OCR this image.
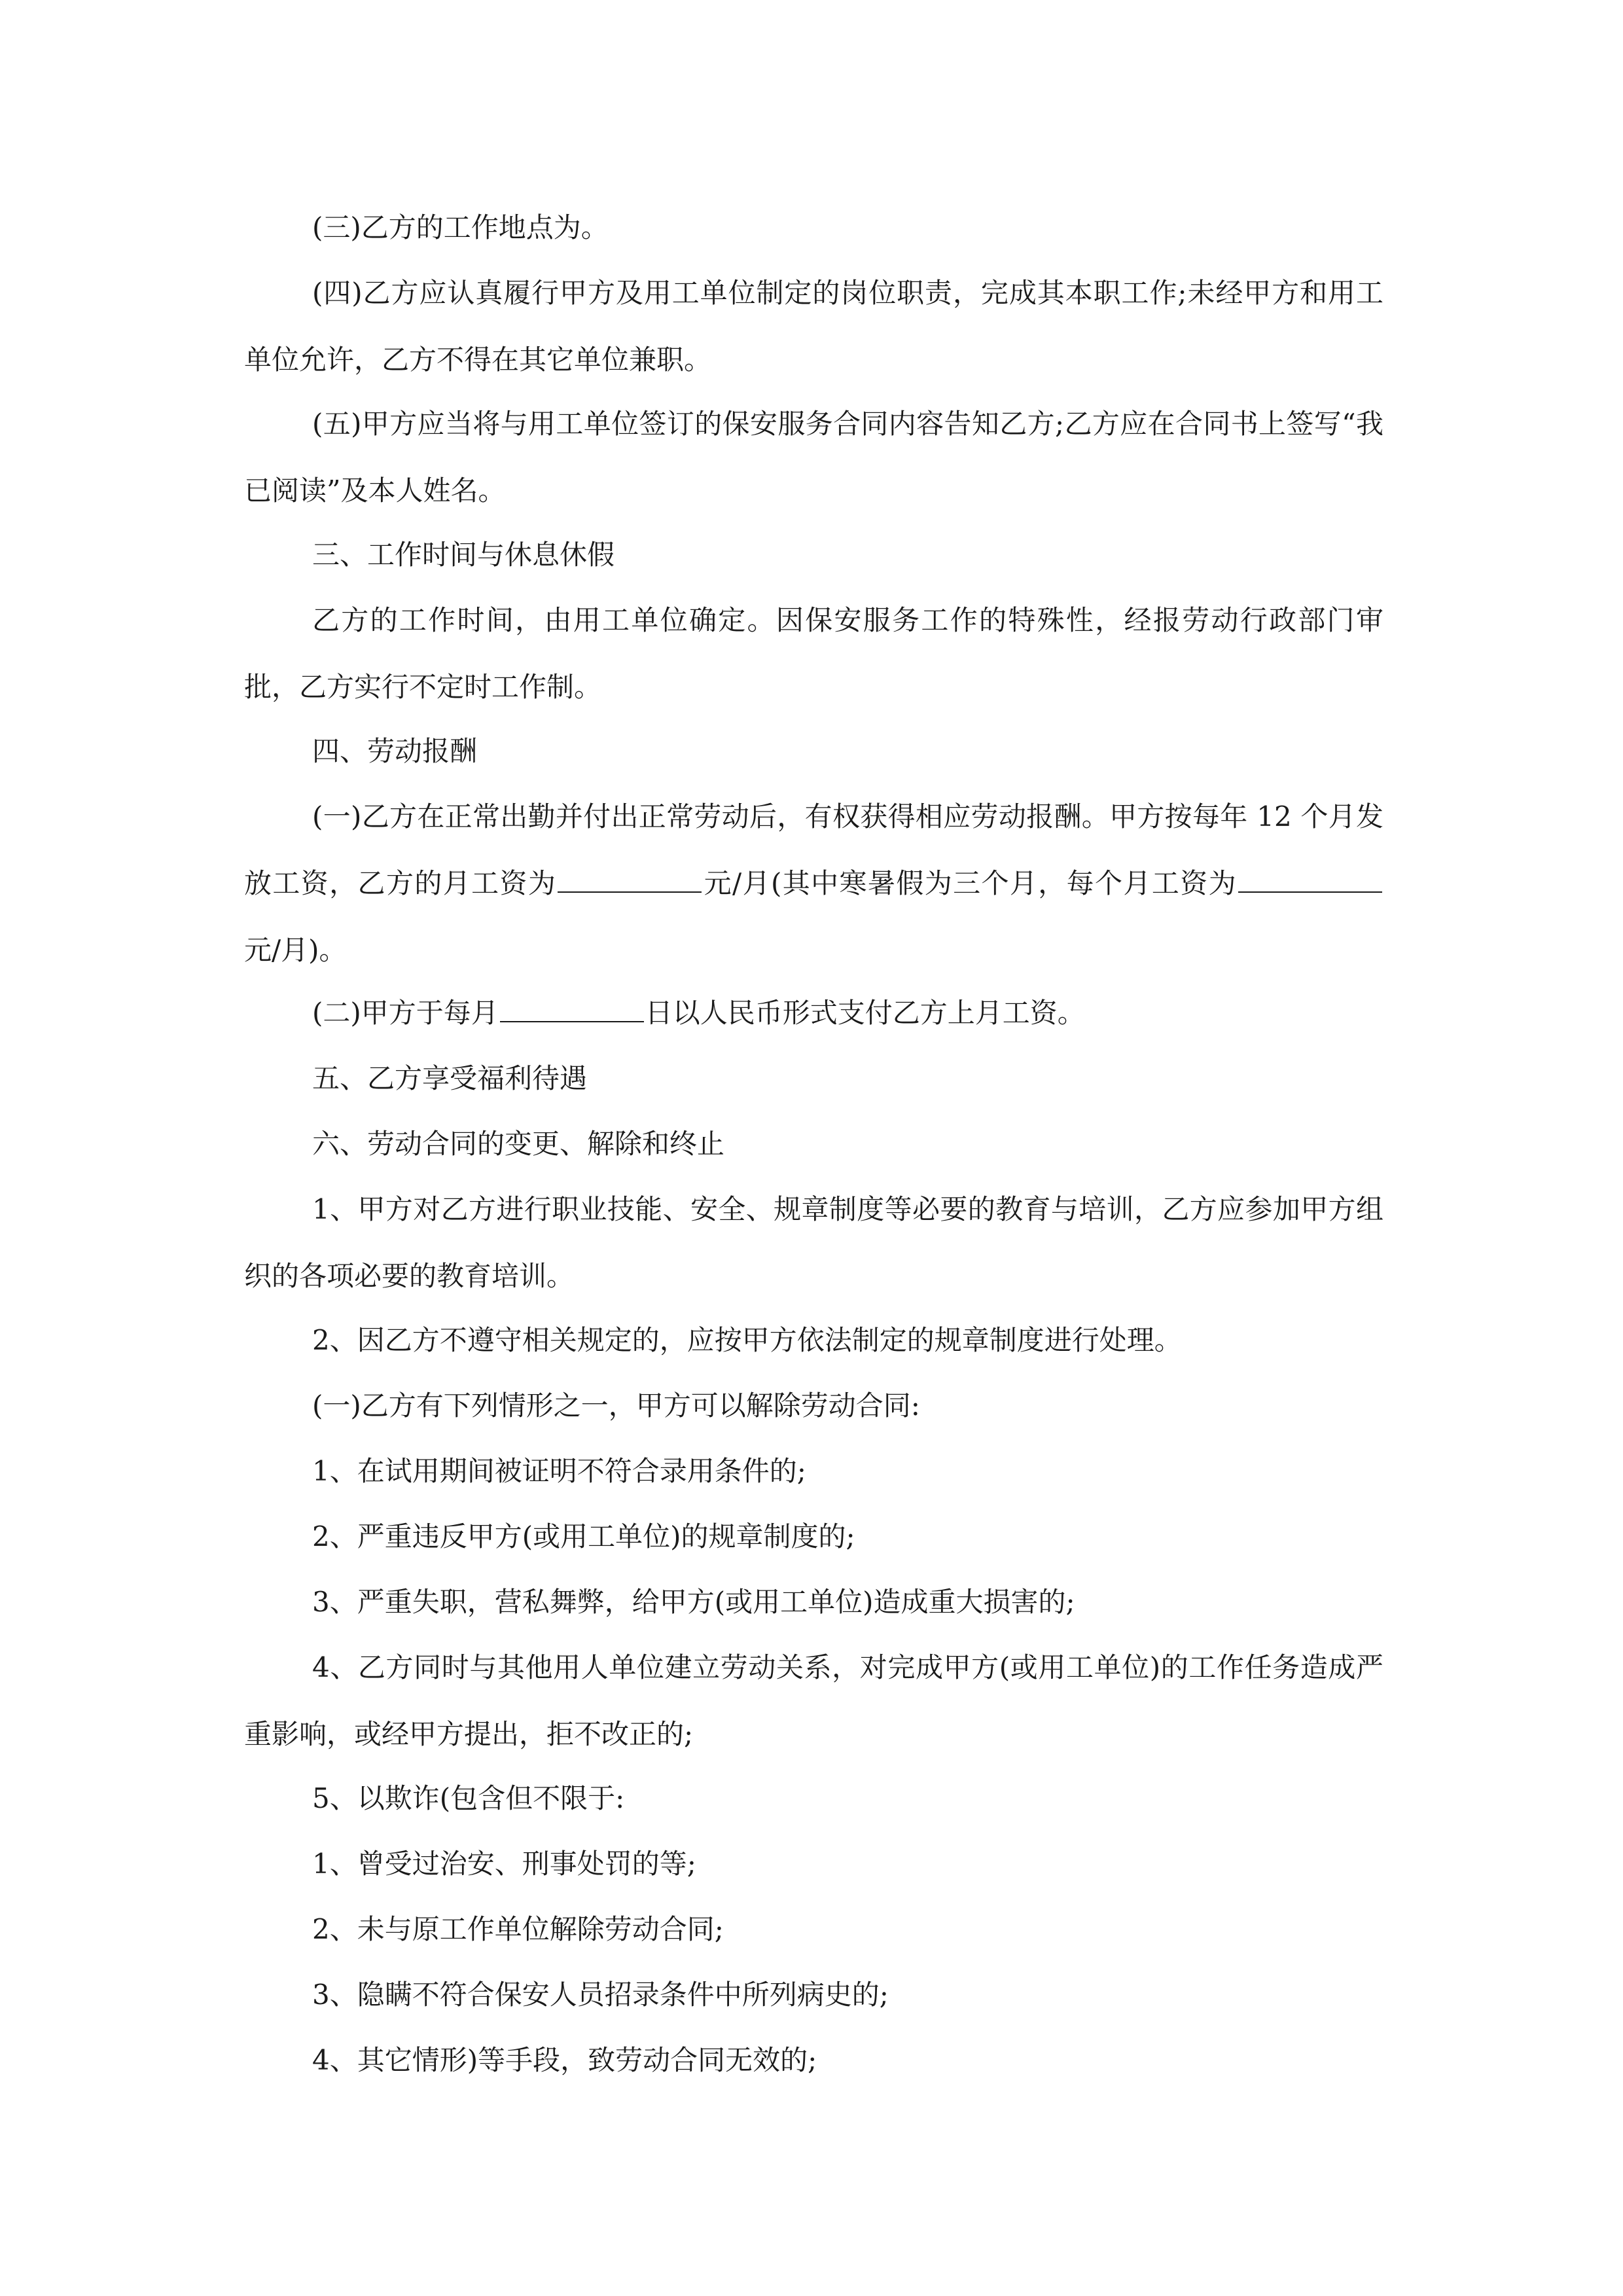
(三)乙方的工作地点为。

(四)乙方应认真履行甲方及用工单位制定的岗位职责，完成其本职工作;未经甲方和用工单位允许，乙方不得在其它单位兼职。

(五)甲方应当将与用工单位签订的保安服务合同内容告知乙方;乙方应在合同书上签写“我已阅读”及本人姓名。

三、工作时间与休息休假

乙方的工作时间，由用工单位确定。因保安服务工作的特殊性，经报劳动行政部门审批，乙方实行不定时工作制。

四、劳动报酬

(一)乙方在正常出勤并付出正常劳动后，有权获得相应劳动报酬。甲方按每年 12 个月发放工资，乙方的月工资为	元/月(其中寒暑假为三个月，每个月工资为元/月)。

(二)甲方于每月	日以人民币形式支付乙方上月工资。

五、乙方享受福利待遇

六、劳动合同的变更、解除和终止

1、甲方对乙方进行职业技能、安全、规章制度等必要的教育与培训，乙方应参加甲方组织的各项必要的教育培训。

2、因乙方不遵守相关规定的，应按甲方依法制定的规章制度进行处理。

(一)乙方有下列情形之一，甲方可以解除劳动合同:

1、在试用期间被证明不符合录用条件的;

2、严重违反甲方(或用工单位)的规章制度的;

3、严重失职，营私舞弊，给甲方(或用工单位)造成重大损害的;

4、乙方同时与其他用人单位建立劳动关系，对完成甲方(或用工单位)的工作任务造成严重影响，或经甲方提出，拒不改正的;

5、以欺诈(包含但不限于:

1、曾受过治安、刑事处罚的等;

2、未与原工作单位解除劳动合同;

3、隐瞒不符合保安人员招录条件中所列病史的;

4、其它情形)等手段，致劳动合同无效的;
